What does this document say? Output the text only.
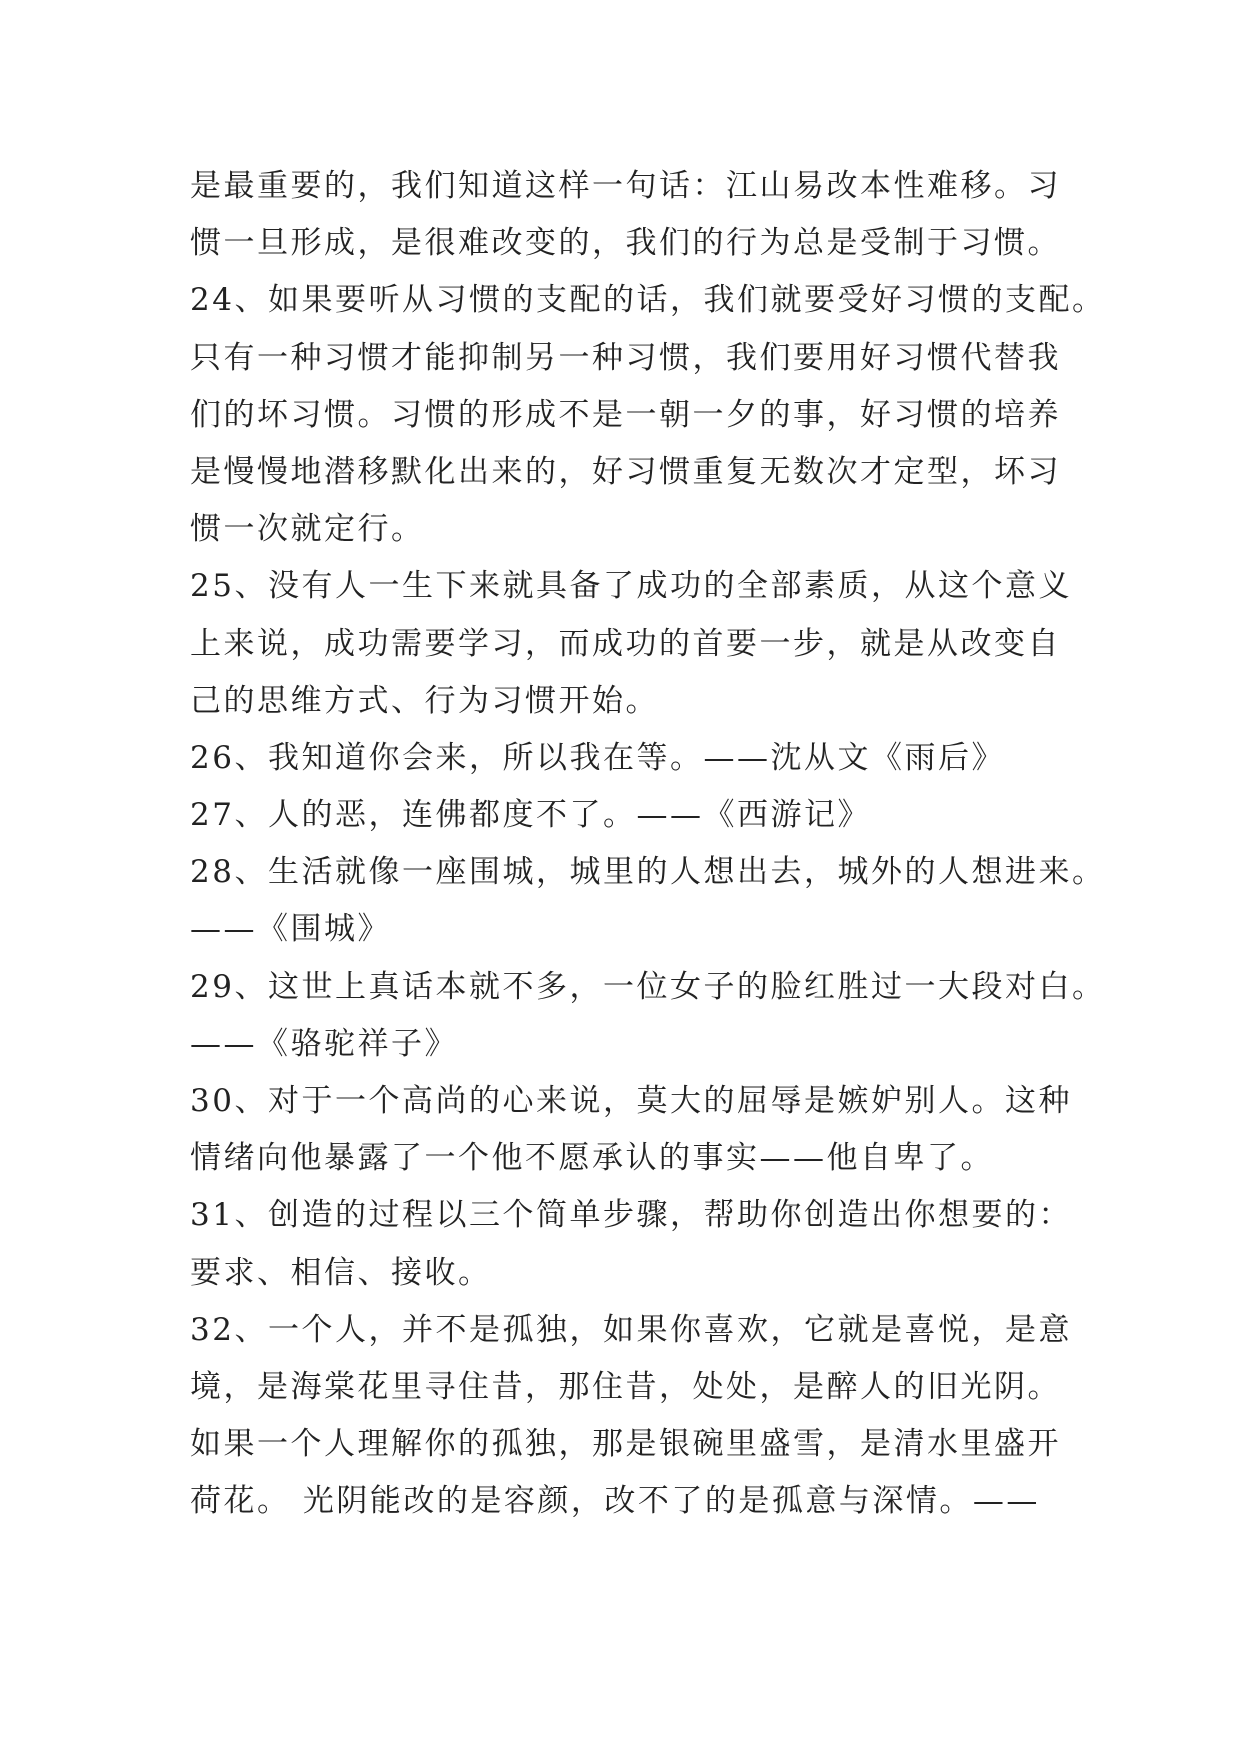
是最重要的，我们知道这样一句话：江山易改本性难移。习
惯一旦形成，是很难改变的，我们的行为总是受制于习惯。
24、如果要听从习惯的支配的话，我们就要受好习惯的支配。
只有一种习惯才能抑制另一种习惯，我们要用好习惯代替我
们的坏习惯。习惯的形成不是一朝一夕的事，好习惯的培养
是慢慢地潜移默化出来的，好习惯重复无数次才定型，坏习
惯一次就定行。
25、没有人一生下来就具备了成功的全部素质，从这个意义
上来说，成功需要学习，而成功的首要一步，就是从改变自
己的思维方式、行为习惯开始。
26、我知道你会来，所以我在等。——沈从文《雨后》
27、人的恶，连佛都度不了。——《西游记》
28、生活就像一座围城，城里的人想出去，城外的人想进来。
——《围城》
29、这世上真话本就不多，一位女子的脸红胜过一大段对白。
——《骆驼祥子》
30、对于一个高尚的心来说，莫大的屈辱是嫉妒别人。这种
情绪向他暴露了一个他不愿承认的事实——他自卑了。
31、创造的过程以三个简单步骤，帮助你创造出你想要的：
要求、相信、接收。
32、一个人，并不是孤独，如果你喜欢，它就是喜悦，是意
境，是海棠花里寻住昔，那住昔，处处，是醉人的旧光阴。
如果一个人理解你的孤独，那是银碗里盛雪，是清水里盛开
荷花。 光阴能改的是容颜，改不了的是孤意与深情。——
